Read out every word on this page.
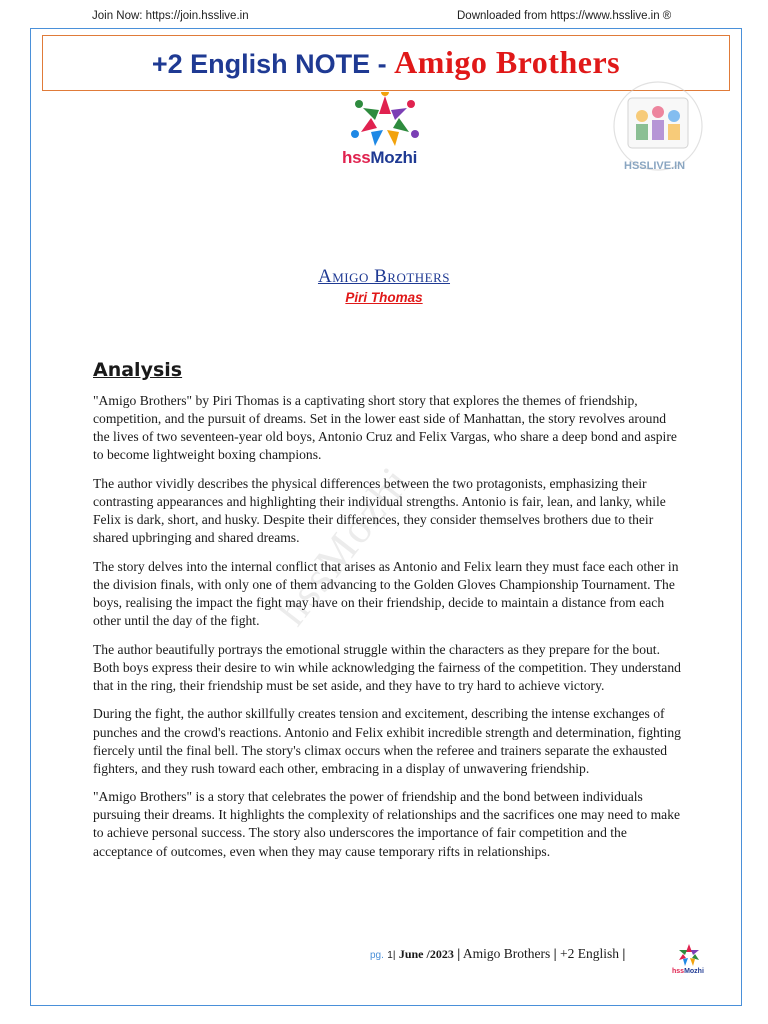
Join Now: https://join.hsslive.in	Downloaded from https://www.hsslive.in ®
+2 English NOTE - Amigo Brothers
hssMozhi	HSSLIVE.IN
Amigo Brothers
Piri Thomas
Analysis
hssMozhi

"Amigo Brothers" by Piri Thomas is a captivating short story that explores the themes of friendship, competition, and the pursuit of dreams. Set in the lower east side of Manhattan, the story revolves around the lives of two seventeen-year old boys, Antonio Cruz and Felix Vargas, who share a deep bond and aspire to become lightweight boxing champions.

The author vividly describes the physical differences between the two protagonists, emphasizing their contrasting appearances and highlighting their individual strengths. Antonio is fair, lean, and lanky, while Felix is dark, short, and husky. Despite their differences, they consider themselves brothers due to their shared upbringing and shared dreams.

The story delves into the internal conflict that arises as Antonio and Felix learn they must face each other in the division finals, with only one of them advancing to the Golden Gloves Championship Tournament. The boys, realising the impact the fight may have on their friendship, decide to maintain a distance from each other until the day of the fight.

The author beautifully portrays the emotional struggle within the characters as they prepare for the bout. Both boys express their desire to win while acknowledging the fairness of the competition. They understand that in the ring, their friendship must be set aside, and they have to try hard to achieve victory.

During the fight, the author skillfully creates tension and excitement, describing the intense exchanges of punches and the crowd's reactions. Antonio and Felix exhibit incredible strength and determination, fighting fiercely until the final bell. The story's climax occurs when the referee and trainers separate the exhausted fighters, and they rush toward each other, embracing in a display of unwavering friendship.

"Amigo Brothers" is a story that celebrates the power of friendship and the bond between individuals pursuing their dreams. It highlights the complexity of relationships and the sacrifices one may need to make to achieve personal success. The story also underscores the importance of fair competition and the acceptance of outcomes, even when they may cause temporary rifts in relationships.

pg. 1| June /2023 | Amigo Brothers | +2 English |
hssMozhi
